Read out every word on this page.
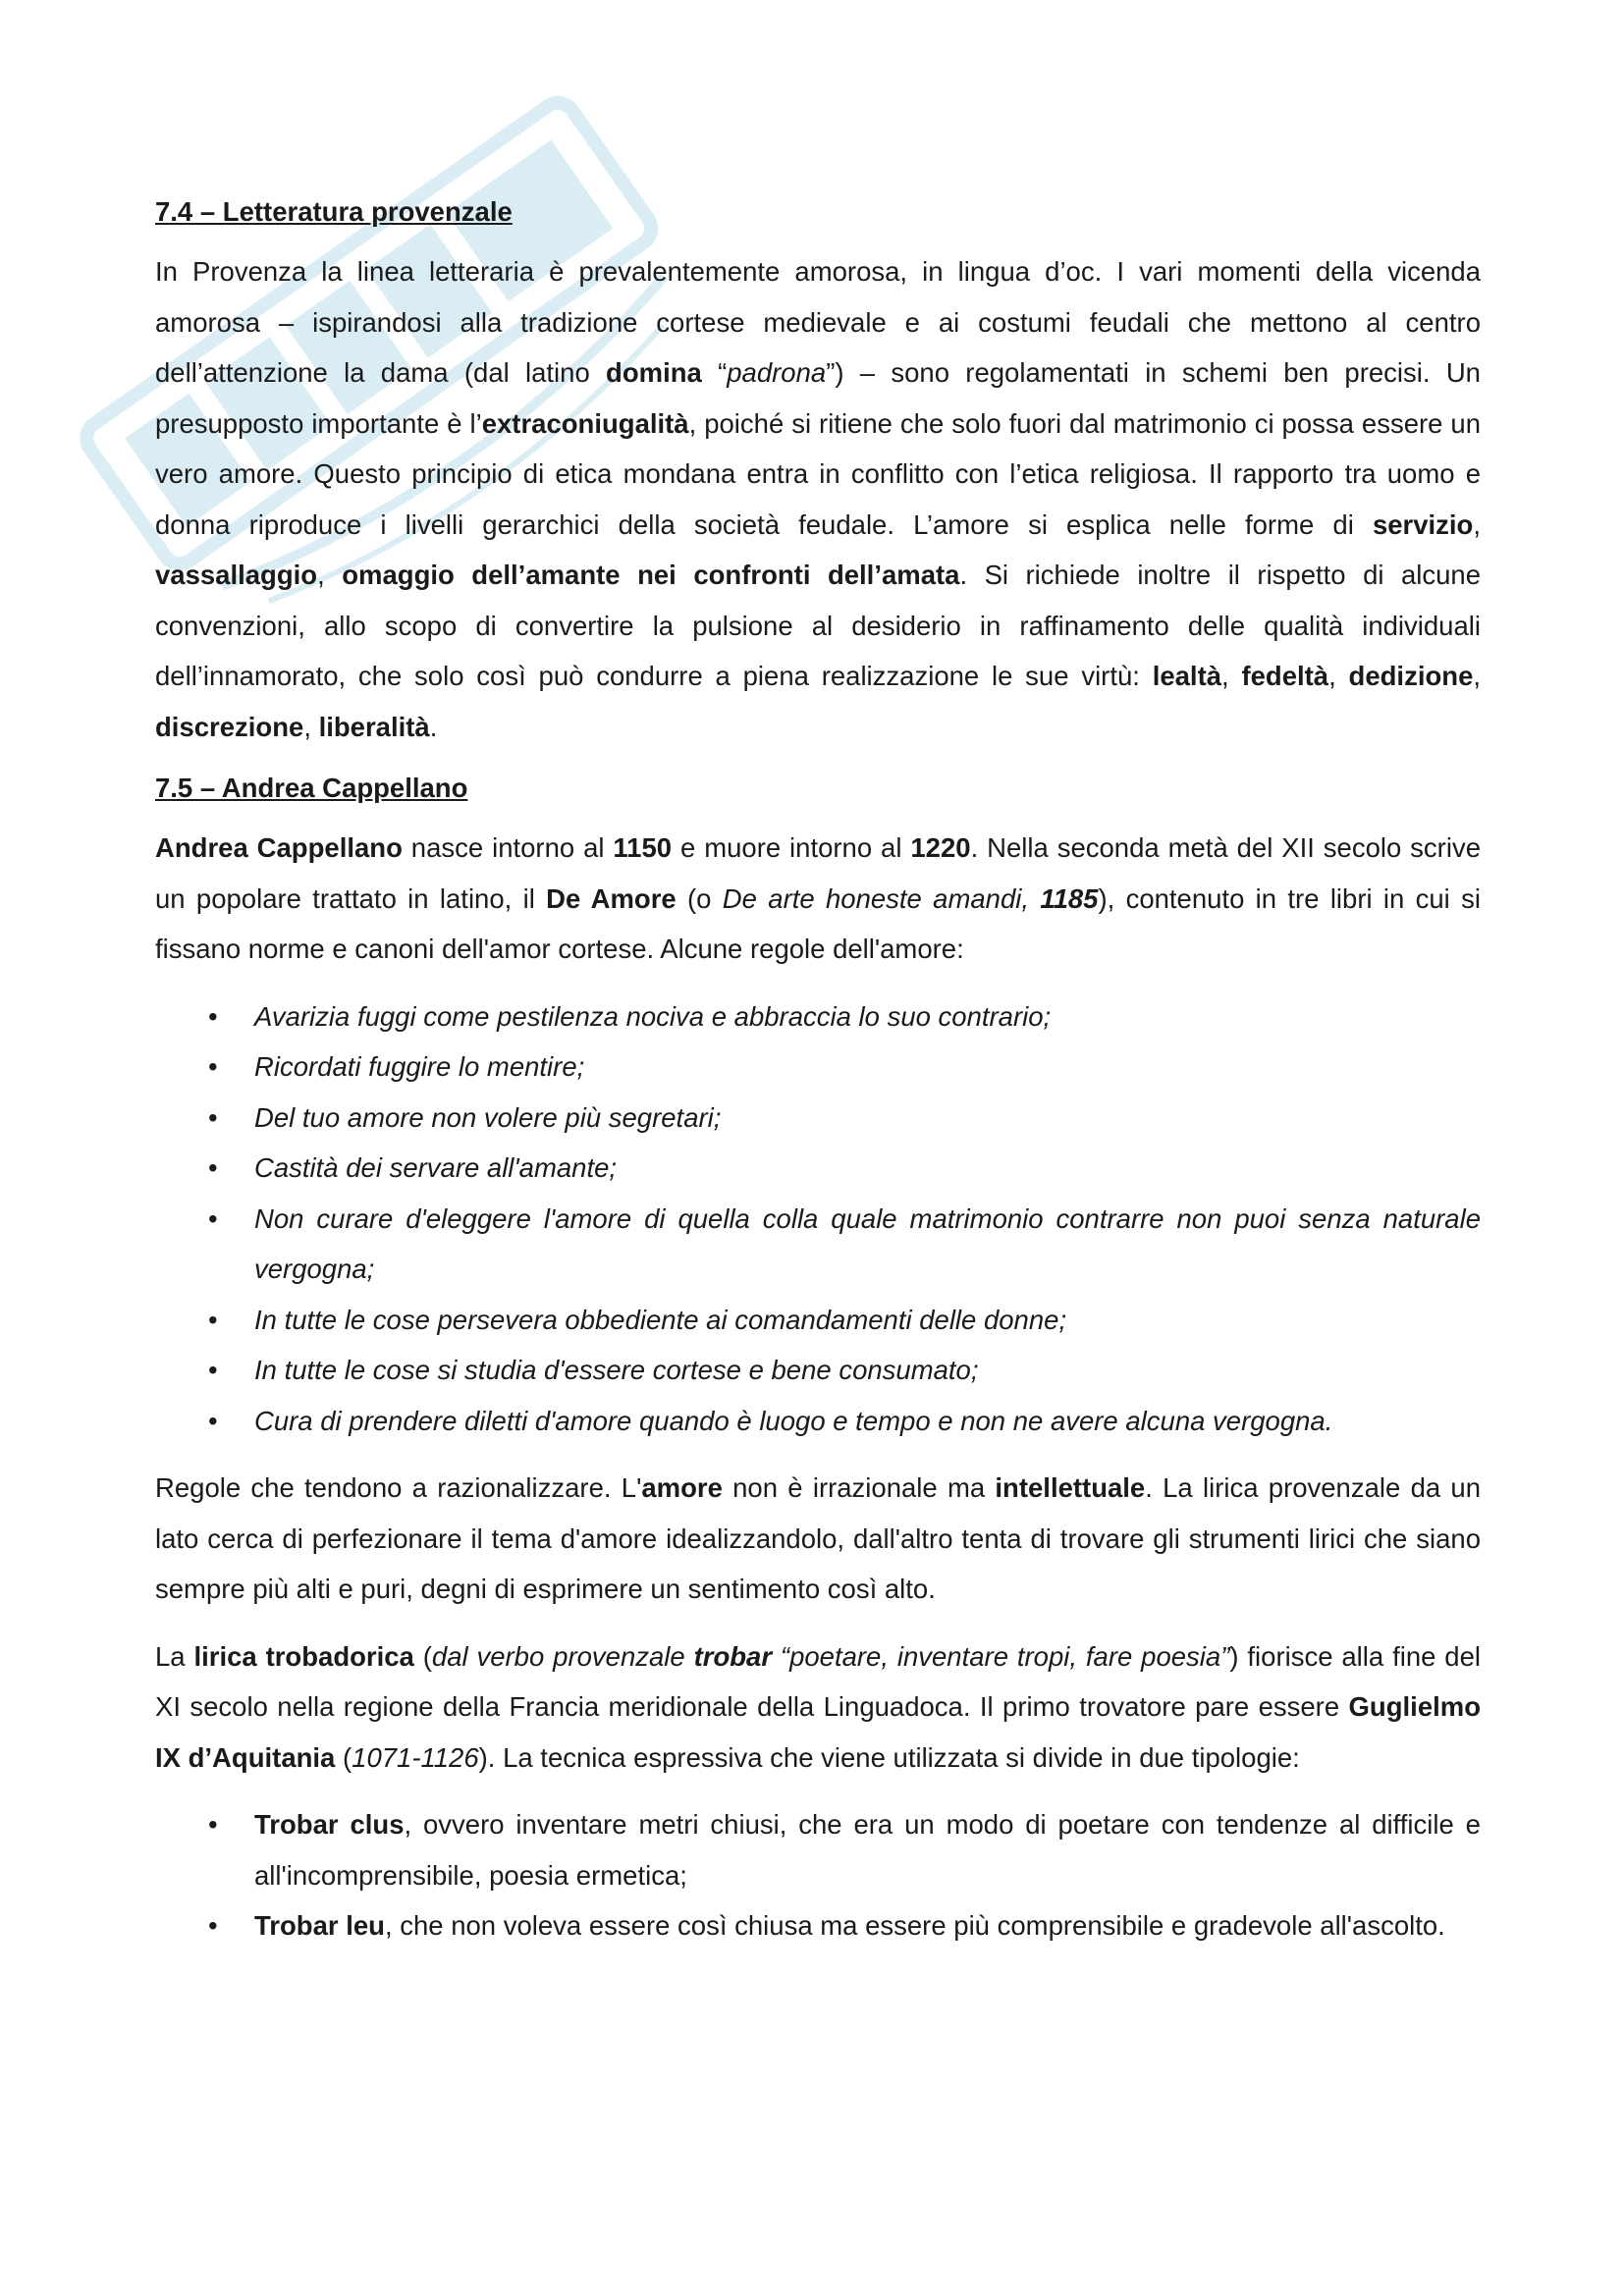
7.4 – Letteratura provenzale

In Provenza la linea letteraria è prevalentemente amorosa, in lingua d’oc. I vari momenti della vicenda amorosa – ispirandosi alla tradizione cortese medievale e ai costumi feudali che mettono al centro dell’attenzione la dama (dal latino domina “padrona”) – sono regolamentati in schemi ben precisi. Un presupposto importante è l’extraconiugalità, poiché si ritiene che solo fuori dal matrimonio ci possa essere un vero amore. Questo principio di etica mondana entra in conflitto con l’etica religiosa. Il rapporto tra uomo e donna riproduce i livelli gerarchici della società feudale. L’amore si esplica nelle forme di servizio, vassallaggio, omaggio dell’amante nei confronti dell’amata. Si richiede inoltre il rispetto di alcune convenzioni, allo scopo di convertire la pulsione al desiderio in raffinamento delle qualità individuali dell’innamorato, che solo così può condurre a piena realizzazione le sue virtù: lealtà, fedeltà, dedizione, discrezione, liberalità.

7.5 – Andrea Cappellano

Andrea Cappellano nasce intorno al 1150 e muore intorno al 1220. Nella seconda metà del XII secolo scrive un popolare trattato in latino, il De Amore (o De arte honeste amandi, 1185), contenuto in tre libri in cui si fissano norme e canoni dell'amor cortese. Alcune regole dell'amore:

• Avarizia fuggi come pestilenza nociva e abbraccia lo suo contrario;
• Ricordati fuggire lo mentire;
• Del tuo amore non volere più segretari;
• Castità dei servare all'amante;
• Non curare d'eleggere l'amore di quella colla quale matrimonio contrarre non puoi senza naturale vergogna;
• In tutte le cose persevera obbediente ai comandamenti delle donne;
• In tutte le cose si studia d'essere cortese e bene consumato;
• Cura di prendere diletti d'amore quando è luogo e tempo e non ne avere alcuna vergogna.

Regole che tendono a razionalizzare. L'amore non è irrazionale ma intellettuale. La lirica provenzale da un lato cerca di perfezionare il tema d'amore idealizzandolo, dall'altro tenta di trovare gli strumenti lirici che siano sempre più alti e puri, degni di esprimere un sentimento così alto.

La lirica trobadorica (dal verbo provenzale trobar “poetare, inventare tropi, fare poesia”) fiorisce alla fine del XI secolo nella regione della Francia meridionale della Linguadoca. Il primo trovatore pare essere Guglielmo IX d’Aquitania (1071-1126). La tecnica espressiva che viene utilizzata si divide in due tipologie:

• Trobar clus, ovvero inventare metri chiusi, che era un modo di poetare con tendenze al difficile e all'incomprensibile, poesia ermetica;
• Trobar leu, che non voleva essere così chiusa ma essere più comprensibile e gradevole all'ascolto.
